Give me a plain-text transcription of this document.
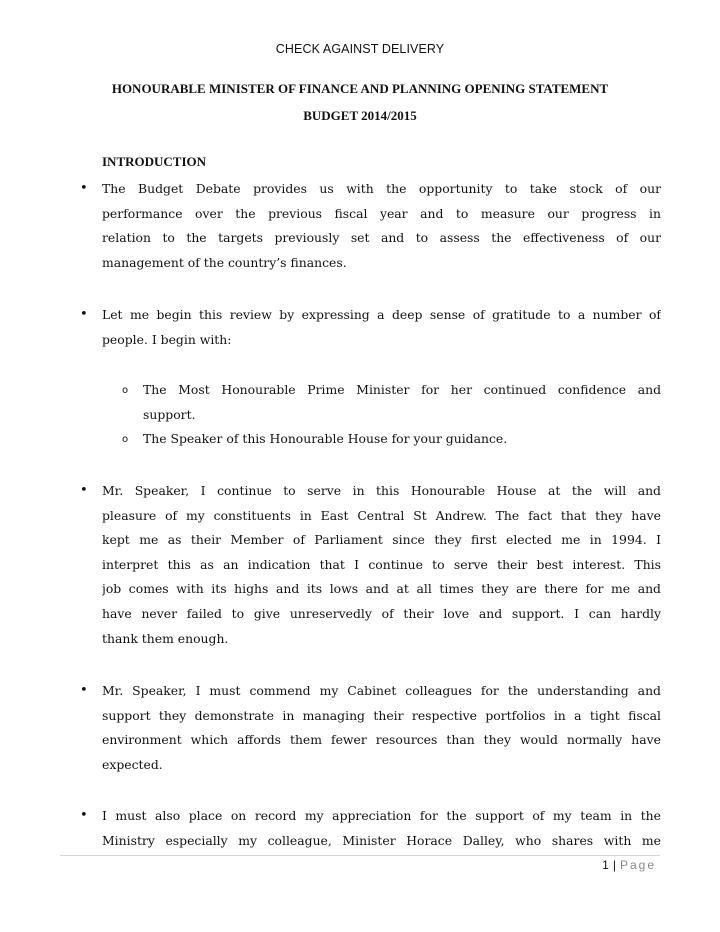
CHECK AGAINST DELIVERY
HONOURABLE MINISTER OF FINANCE AND PLANNING OPENING STATEMENT
BUDGET 2014/2015
INTRODUCTION
• The Budget Debate provides us with the opportunity to take stock of our
performance over the previous fiscal year and to measure our progress in
relation to the targets previously set and to assess the effectiveness of our
management of the country’s finances.
• Let me begin this review by expressing a deep sense of gratitude to a number of
people. I begin with:
o The Most Honourable Prime Minister for her continued confidence and
support.
o The Speaker of this Honourable House for your guidance.
• Mr. Speaker, I continue to serve in this Honourable House at the will and
pleasure of my constituents in East Central St Andrew. The fact that they have
kept me as their Member of Parliament since they first elected me in 1994. I
interpret this as an indication that I continue to serve their best interest. This
job comes with its highs and its lows and at all times they are there for me and
have never failed to give unreservedly of their love and support. I can hardly
thank them enough.
• Mr. Speaker, I must commend my Cabinet colleagues for the understanding and
support they demonstrate in managing their respective portfolios in a tight fiscal
environment which affords them fewer resources than they would normally have
expected.
• I must also place on record my appreciation for the support of my team in the
Ministry especially my colleague, Minister Horace Dalley, who shares with me
1 | Page
